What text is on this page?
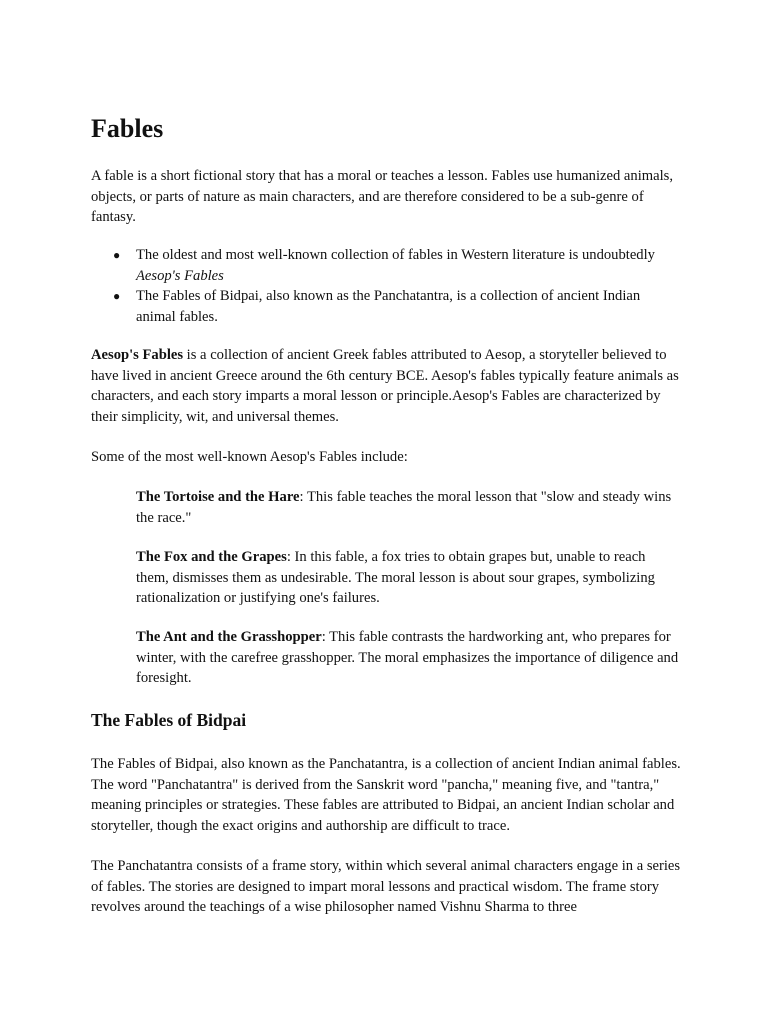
Fables

A fable is a short fictional story that has a moral or teaches a lesson. Fables use humanized animals, objects, or parts of nature as main characters, and are therefore considered to be a sub-genre of fantasy.

● The oldest and most well-known collection of fables in Western literature is undoubtedly Aesop's Fables
● The Fables of Bidpai, also known as the Panchatantra, is a collection of ancient Indian animal fables.

Aesop's Fables is a collection of ancient Greek fables attributed to Aesop, a storyteller believed to have lived in ancient Greece around the 6th century BCE. Aesop's fables typically feature animals as characters, and each story imparts a moral lesson or principle.Aesop's Fables are characterized by their simplicity, wit, and universal themes.

Some of the most well-known Aesop's Fables include:

The Tortoise and the Hare: This fable teaches the moral lesson that "slow and steady wins the race."

The Fox and the Grapes: In this fable, a fox tries to obtain grapes but, unable to reach them, dismisses them as undesirable. The moral lesson is about sour grapes, symbolizing rationalization or justifying one's failures.

The Ant and the Grasshopper: This fable contrasts the hardworking ant, who prepares for winter, with the carefree grasshopper. The moral emphasizes the importance of diligence and foresight.

The Fables of Bidpai

The Fables of Bidpai, also known as the Panchatantra, is a collection of ancient Indian animal fables. The word "Panchatantra" is derived from the Sanskrit word "pancha," meaning five, and "tantra," meaning principles or strategies. These fables are attributed to Bidpai, an ancient Indian scholar and storyteller, though the exact origins and authorship are difficult to trace.

The Panchatantra consists of a frame story, within which several animal characters engage in a series of fables. The stories are designed to impart moral lessons and practical wisdom. The frame story revolves around the teachings of a wise philosopher named Vishnu Sharma to three
